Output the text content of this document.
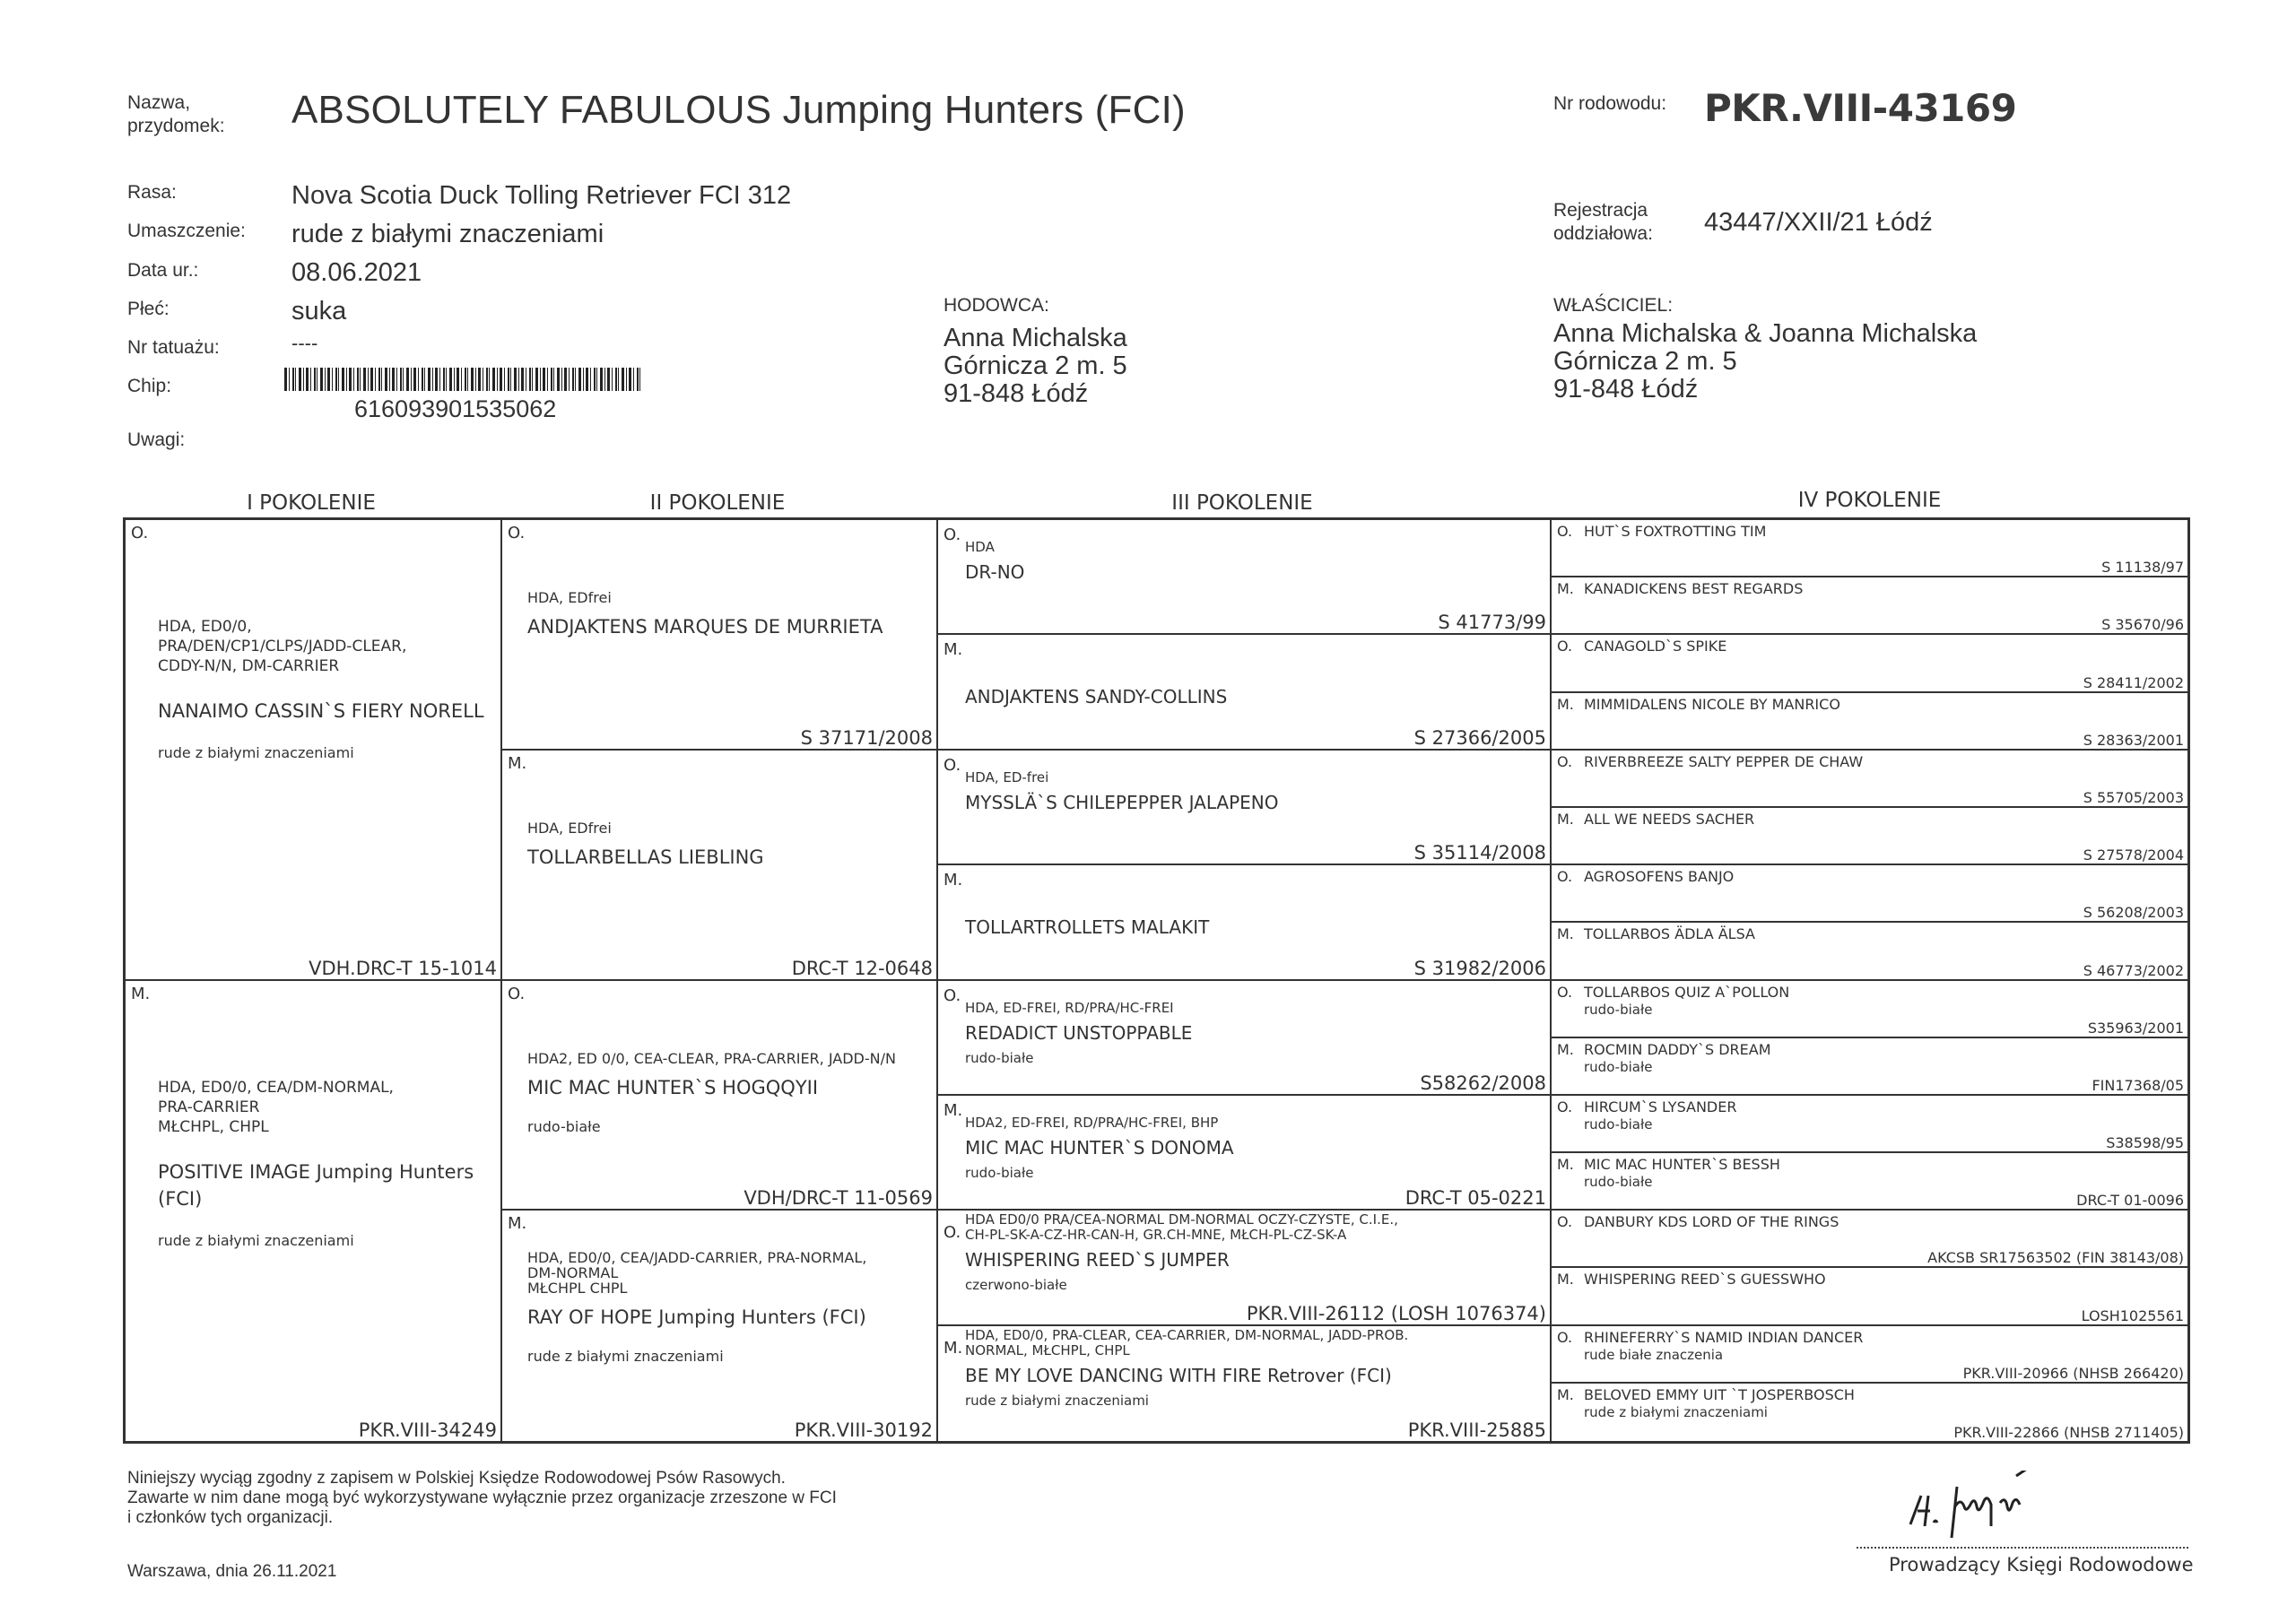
Nazwa,
przydomek: ABSOLUTELY FABULOUS Jumping Hunters (FCI)	Nr rodowodu: PKR.VIII-43169
Rasa:	Nova Scotia Duck Tolling Retriever FCI 312
Umaszczenie: rude z białymi znaczeniami
Data ur.:	08.06.2021
Płeć:	suka
Nr tatuażu:	----
Chip:
616093901535062
Uwagi:
HODOWCA:
Anna Michalska
Górnicza 2 m. 5
91-848 Łódź
Rejestracja
oddziałowa: 43447/XXII/21 Łódź
WŁAŚCICIEL:
Anna Michalska & Joanna Michalska
Górnicza 2 m. 5
91-848 Łódź
I POKOLENIE	II POKOLENIE	III POKOLENIE	IV POKOLENIE
O.
HDA, ED0/0,
PRA/DEN/CP1/CLPS/JADD-CLEAR,
CDDY-N/N, DM-CARRIER
NANAIMO CASSIN`S FIERY NORELL
rude z białymi znaczeniami
VDH.DRC-T 15-1014
M.
HDA, ED0/0, CEA/DM-NORMAL,
PRA-CARRIER
MŁCHPL, CHPL
POSITIVE IMAGE Jumping Hunters (FCI)
rude z białymi znaczeniami
PKR.VIII-34249
O.
HDA, EDfrei
ANDJAKTENS MARQUES DE MURRIETA
S 37171/2008
M.
HDA, EDfrei
TOLLARBELLAS LIEBLING
DRC-T 12-0648
O.
HDA2, ED 0/0, CEA-CLEAR, PRA-CARRIER, JADD-N/N
MIC MAC HUNTER`S HOGQQYII
rudo-białe
VDH/DRC-T 11-0569
M.
HDA, ED0/0, CEA/JADD-CARRIER, PRA-NORMAL,
DM-NORMAL
MŁCHPL CHPL
RAY OF HOPE Jumping Hunters (FCI)
rude z białymi znaczeniami
PKR.VIII-30192
O.
HDA
DR-NO
S 41773/99
M.
ANDJAKTENS SANDY-COLLINS
S 27366/2005
O.
HDA, ED-frei
MYSSLÄ`S CHILEPEPPER JALAPENO
S 35114/2008
M.
TOLLARTROLLETS MALAKIT
S 31982/2006
O.
HDA, ED-FREI, RD/PRA/HC-FREI
REDADICT UNSTOPPABLE
rudo-białe
S58262/2008
M.
HDA2, ED-FREI, RD/PRA/HC-FREI, BHP
MIC MAC HUNTER`S DONOMA
rudo-białe
DRC-T 05-0221
O.
HDA ED0/0 PRA/CEA-NORMAL DM-NORMAL OCZY-CZYSTE, C.I.E.,
CH-PL-SK-A-CZ-HR-CAN-H, GR.CH-MNE, MŁCH-PL-CZ-SK-A
WHISPERING REED`S JUMPER
czerwono-białe
PKR.VIII-26112 (LOSH 1076374)
M.
HDA, ED0/0, PRA-CLEAR, CEA-CARRIER, DM-NORMAL, JADD-PROB.
NORMAL, MŁCHPL, CHPL
BE MY LOVE DANCING WITH FIRE Retrover (FCI)
rude z białymi znaczeniami
PKR.VIII-25885
O. HUT`S FOXTROTTING TIM
S 11138/97
M. KANADICKENS BEST REGARDS
S 35670/96
O. CANAGOLD`S SPIKE
S 28411/2002
M. MIMMIDALENS NICOLE BY MANRICO
S 28363/2001
O. RIVERBREEZE SALTY PEPPER DE CHAW
S 55705/2003
M. ALL WE NEEDS SACHER
S 27578/2004
O. AGROSOFENS BANJO
S 56208/2003
M. TOLLARBOS ÄDLA ÄLSA
S 46773/2002
O. TOLLARBOS QUIZ A`POLLON
rudo-białe
S35963/2001
M. ROCMIN DADDY`S DREAM
rudo-białe
FIN17368/05
O. HIRCUM`S LYSANDER
rudo-białe
S38598/95
M. MIC MAC HUNTER`S BESSH
rudo-białe
DRC-T 01-0096
O. DANBURY KDS LORD OF THE RINGS
AKCSB SR17563502 (FIN 38143/08)
M. WHISPERING REED`S GUESSWHO
LOSH1025561
O. RHINEFERRY`S NAMID INDIAN DANCER
rude białe znaczenia
PKR.VIII-20966 (NHSB 266420)
M. BELOVED EMMY UIT `T JOSPERBOSCH
rude z białymi znaczeniami
PKR.VIII-22866 (NHSB 2711405)
Niniejszy wyciąg zgodny z zapisem w Polskiej Księdze Rodowodowej Psów Rasowych.
Zawarte w nim dane mogą być wykorzystywane wyłącznie przez organizacje zrzeszone w FCI
i członków tych organizacji.
Warszawa, dnia 26.11.2021	Prowadzący Księgi Rodowodowe
